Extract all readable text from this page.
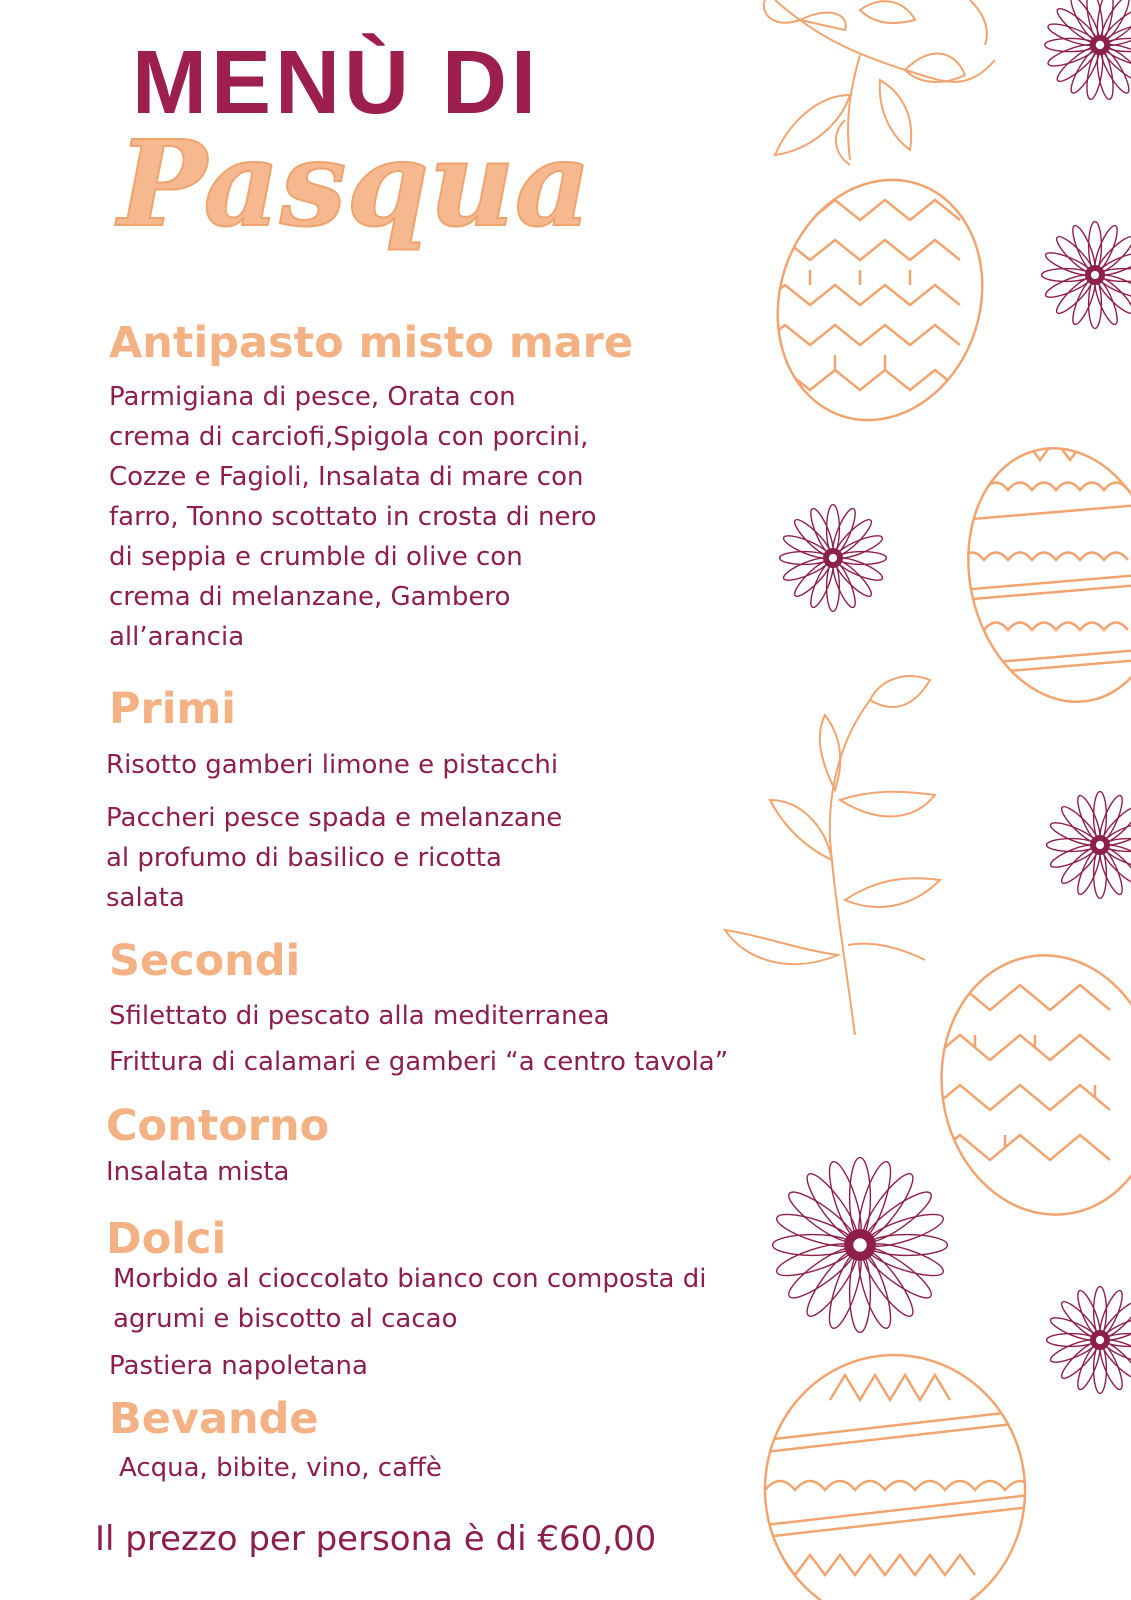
MENÙ DI
Pasqua
Antipasto misto mare
Parmigiana di pesce, Orata con
crema di carciofi,Spigola con porcini,
Cozze e Fagioli, Insalata di mare con
farro, Tonno scottato in crosta di nero
di seppia e crumble di olive con
crema di melanzane, Gambero
all’arancia
Primi
Risotto gamberi limone e pistacchi
Paccheri pesce spada e melanzane
al profumo di basilico e ricotta
salata
Secondi
Sfilettato di pescato alla mediterranea
Frittura di calamari e gamberi “a centro tavola”
Contorno
Insalata mista
Dolci
Morbido al cioccolato bianco con composta di
agrumi e biscotto al cacao
Pastiera napoletana
Bevande
Acqua, bibite, vino, caffè
Il prezzo per persona è di €60,00
